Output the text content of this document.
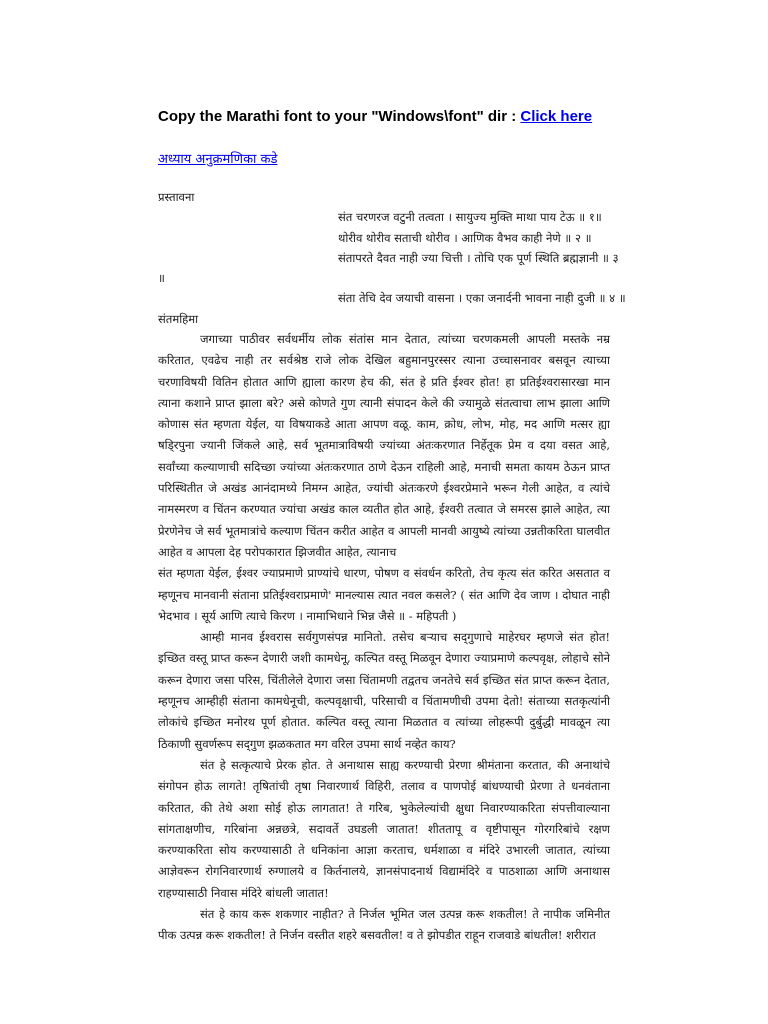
Copy the Marathi font to your "Windows\font" dir : Click here
अध्याय अनुक्रमणिका कडे
प्रस्तावना
संत चरणरज वटुनी तत्वता । सायुज्य मुक्ति माथा पाय टेऊ ॥ १॥
थोरीव थोरीव सताची थोरीव । आणिक वैभव काही नेणे ॥ २ ॥
संतापरते दैवत नाही ज्या चित्ती । तोचि एक पूर्ण स्थिति ब्रह्मज्ञानी ॥ ३
॥
संता तेचि देव जयाची वासना । एका जनार्दनी भावना नाही दुजी ॥ ४ ॥
संतमहिमा

जगाच्या पाठीवर सर्वधर्मीय लोक संतांस मान देतात, त्यांच्या चरणकमली आपली मस्तके नम्र करितात, एवढेच नाही तर सर्वश्रेष्ठ राजे लोक देखिल बहुमानपुरस्सर त्याना उच्चासनावर बसवून त्याच्या चरणाविषयी वितिन होतात आणि ह्याला कारण हेच की, संत हे प्रति ईश्वर होत! हा प्रतिईश्वरासारखा मान त्याना कशाने प्राप्त झाला बरे? असे कोणते गुण त्यानी संपादन केले की ज्यामुळे संतत्वाचा लाभ झाला आणि कोणास संत म्हणता येईल, या विषयाकडे आता आपण वळू. काम, क्रोध, लोभ, मोह, मद आणि मत्सर ह्या षड्‍रिपुना ज्यानी जिंकले आहे, सर्व भूतमात्राविषयी ज्यांच्या अंतःकरणात निर्हेतूक प्रेम व दया वसत आहे, सर्वांच्या कल्याणाची सदिच्छा ज्यांच्या अंतःकरणात ठाणे देऊन राहिली आहे, मनाची समता कायम ठेऊन प्राप्त परिस्थितीत जे अखंड आनंदामध्ये निमग्न आहेत, ज्यांची अंतःकरणे ईश्वरप्रेमाने भरून गेली आहेत, व त्यांचे नामस्मरण व चिंतन करण्यात ज्यांचा अखंड काल व्यतीत होत आहे, ईश्वरी तत्वात जे समरस झाले आहेत, त्या प्रेरणेनेच जे सर्व भूतमात्रांचे कल्याण चिंतन करीत आहेत व आपली मानवी आयुष्ये त्यांच्या उन्नतीकरिता घालवीत आहेत व आपला देह परोपकारात झिजवीत आहेत, त्यानाच

संत म्हणता येईल, ईश्वर ज्याप्रमाणे प्राण्यांचे धारण, पोषण व संवर्धन करितो, तेच कृत्य संत करित असतात व म्हणूनच मानवानी संताना प्रतिईश्वराप्रमाणे' मानल्यास त्यात नवल कसले? ( संत आणि देव जाण । दोघात नाही भेदभाव । सूर्य आणि त्याचे किरण । नामाभिधाने भिन्न जैसे ॥ - महिपती )

आम्ही मानव ईश्वरास सर्वगुणसंपन्न मानितो. तसेच बऱ्याच सद्‍गुणाचे माहेरघर म्हणजे संत होत! इच्छित वस्तू प्राप्त करून देणारी जशी कामधेनू, कल्पित वस्तू मिळवून देणारा ज्याप्रमाणे कल्पवृक्ष, लोहाचे सोने करून देणारा जसा परिस, चिंतीलेले देणारा जसा चिंतामणी तद्वतच जनतेचे सर्व इच्छित संत प्राप्त करून देतात, म्हणूनच आम्हीही संताना कामधेनूची, कल्पवृक्षाची, परिसाची व चिंतामणीची उपमा देतो! संताच्या सतकृत्यांनी लोकांचे इच्छित मनोरथ पूर्ण होतात. कल्पित वस्तू त्याना मिळतात व त्यांच्या लोहरूपी दुर्बुद्धी मावळून त्या ठिकाणी सुवर्णरूप सद्‍गुण झळकतात मग वरिल उपमा सार्थ नव्हेत काय?

संत हे सत्कृत्याचे प्रेरक होत. ते अनाथास साह्य करण्याची प्रेरणा श्रीमंताना करतात, की अनाथांचे संगोपन होऊ लागते! तृषितांची तृषा निवारणार्थ विहिरी, तलाव व पाणपोई बांधण्याची प्रेरणा ते धनवंताना करितात, की तेथे अशा सोई होऊ लागतात! ते गरिब, भुकेलेल्यांची क्षुधा निवारण्याकरिता संपत्तीवाल्याना सांगताक्षणीच, गरिबांना अन्नछत्रे, सदावर्ते उघडली जातात! शीततापू व वृष्टीपासून गोरगरिबांचे रक्षण करण्याकरिता सोय करण्यासाठी ते धनिकांना आज्ञा करताच, धर्मशाळा व मंदिरे उभारली जातात, त्यांच्या आज्ञेवरून रोगनिवारणार्थ रुग्णालये व किर्तनालये, ज्ञानसंपादनार्थ विद्यामंदिरे व पाठशाळा आणि अनाथास राहण्यासाठी निवास मंदिरे बांधली जातात!

संत हे काय करू शकणार नाहीत? ते निर्जल भूमित जल उत्पन्न करू शकतील! ते नापीक जमिनीत पीक उत्पन्न करू शकतील! ते निर्जन वस्तीत शहरे बसवतील! व ते झोपडीत राहून राजवाडे बांधतील! शरीरात
